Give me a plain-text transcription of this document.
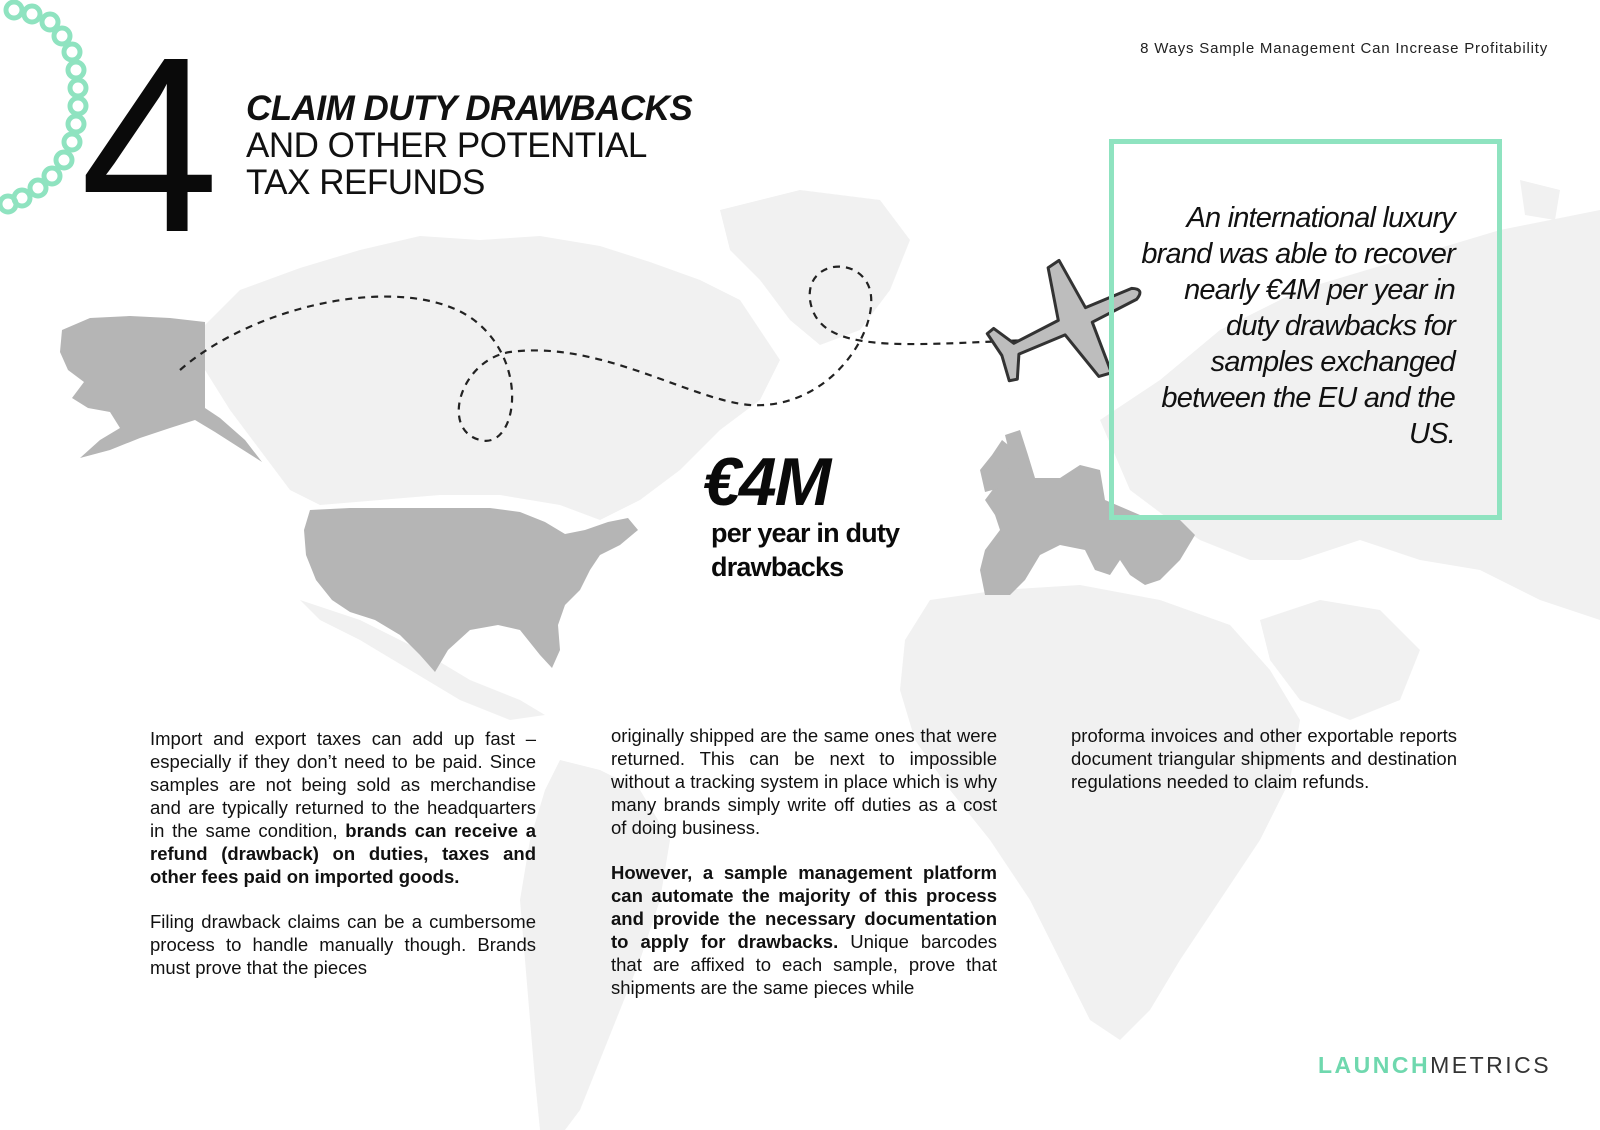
8 Ways Sample Management Can Increase Profitability
4 CLAIM DUTY DRAWBACKS
AND OTHER POTENTIAL
TAX REFUNDS
An international luxury brand was able to recover nearly €4M per year in duty drawbacks for samples exchanged between the EU and the US.
€4M
per year in duty drawbacks

Import and export taxes can add up fast – especially if they don’t need to be paid. Since samples are not being sold as merchandise and are typically returned to the headquarters in the same condition, brands can receive a refund (drawback) on duties, taxes and other fees paid on imported goods.

Filing drawback claims can be a cumbersome process to handle manually though. Brands must prove that the pieces

originally shipped are the same ones that were returned. This can be next to impossible without a tracking system in place which is why many brands simply write off duties as a cost of doing business.

However, a sample management platform can automate the majority of this process and provide the necessary documentation to apply for drawbacks. Unique barcodes that are affixed to each sample, prove that shipments are the same pieces while

proforma invoices and other exportable reports document triangular shipments and destination regulations needed to claim refunds.

LAUNCHMETRICS
